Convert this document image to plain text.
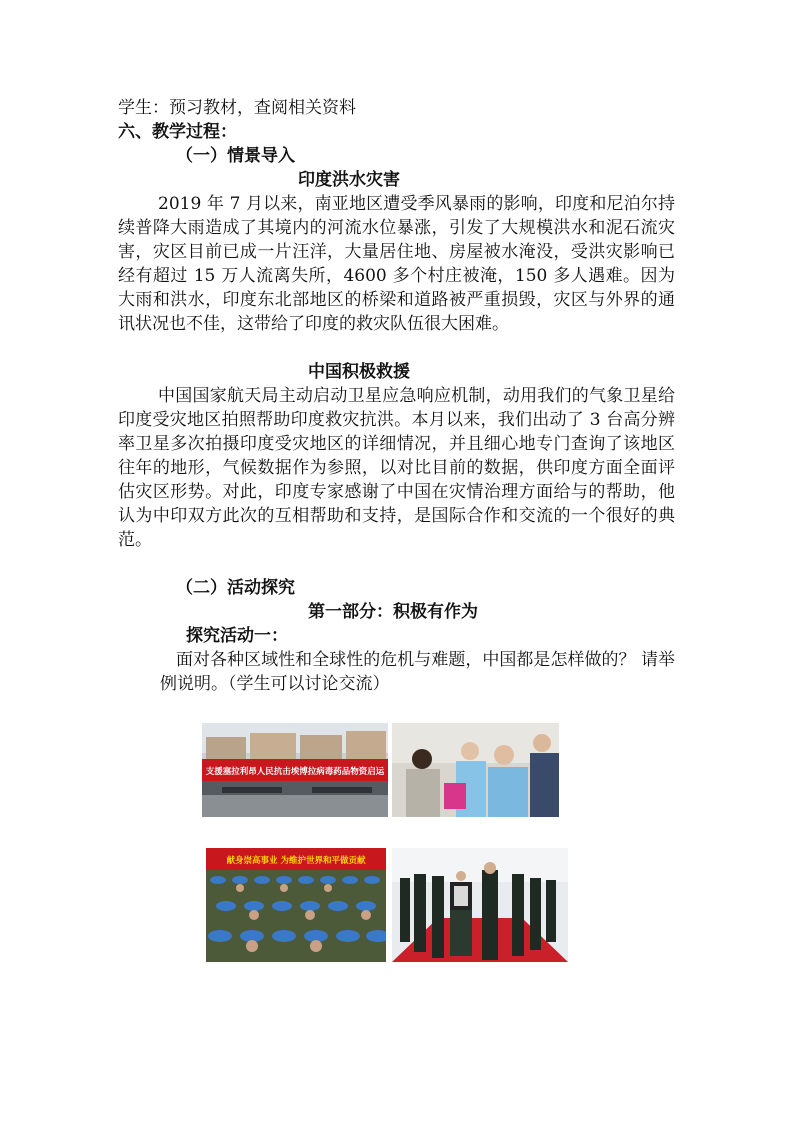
学生：预习教材，查阅相关资料
六、教学过程：
（一）情景导入
印度洪水灾害
2019 年 7 月以来，南亚地区遭受季风暴雨的影响，印度和尼泊尔持续普降大雨造成了其境内的河流水位暴涨，引发了大规模洪水和泥石流灾害，灾区目前已成一片汪洋，大量居住地、房屋被水淹没，受洪灾影响已经有超过 15 万人流离失所，4600 多个村庄被淹，150 多人遇难。因为大雨和洪水，印度东北部地区的桥梁和道路被严重损毁，灾区与外界的通讯状况也不佳，这带给了印度的救灾队伍很大困难。
中国积极救援
中国国家航天局主动启动卫星应急响应机制，动用我们的气象卫星给印度受灾地区拍照帮助印度救灾抗洪。本月以来，我们出动了 3 台高分辨率卫星多次拍摄印度受灾地区的详细情况，并且细心地专门查询了该地区往年的地形，气候数据作为参照，以对比目前的数据，供印度方面全面评估灾区形势。对此，印度专家感谢了中国在灾情治理方面给与的帮助，他认为中印双方此次的互相帮助和支持，是国际合作和交流的一个很好的典范。
（二）活动探究
第一部分：积极有作为
探究活动一：
面对各种区域性和全球性的危机与难题，中国都是怎样做的？ 请举例说明。（学生可以讨论交流）
支援塞拉利昂人民抗击埃博拉病毒药品物资启运
献身崇高事业 为维护世界和平做贡献
